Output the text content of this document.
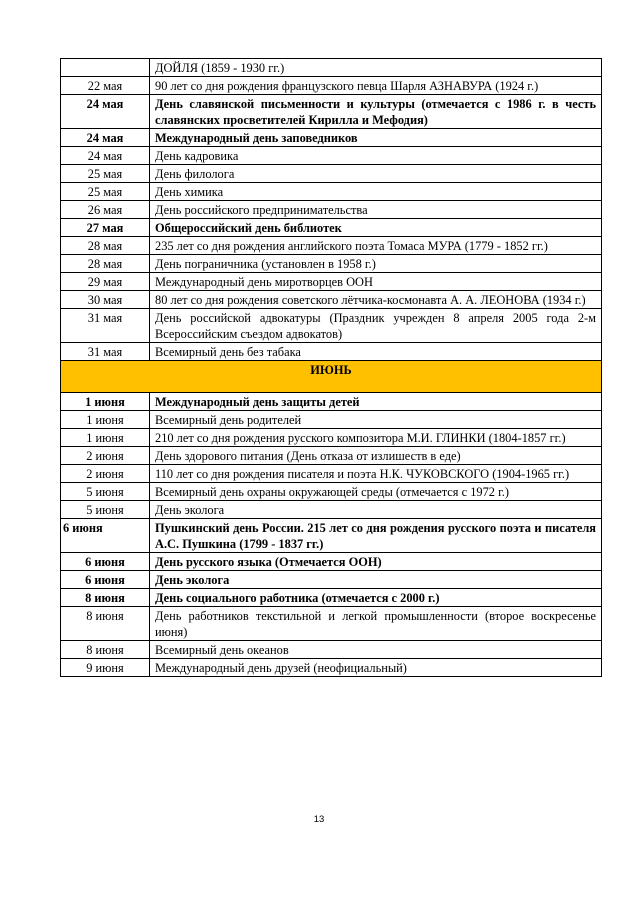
	ДОЙЛЯ (1859 - 1930 гг.)
22 мая	90 лет со дня рождения французского певца Шарля АЗНАВУРА (1924 г.)
24 мая	День славянской письменности и культуры (отмечается с 1986 г. в честь славянских просветителей Кирилла и Мефодия)
24 мая	Международный день заповедников
24 мая	День кадровика
25 мая	День филолога
25 мая	День химика
26 мая	День российского предпринимательства
27 мая	Общероссийский день библиотек
28 мая	235 лет со дня рождения английского поэта Томаса МУРА (1779 - 1852 гг.)
28 мая	День пограничника (установлен в 1958 г.)
29 мая	Международный день миротворцев ООН
30 мая	80 лет со дня рождения советского лётчика-космонавта А. А. ЛЕОНОВА (1934 г.)
31 мая	День российской адвокатуры (Праздник учрежден 8 апреля 2005 года 2-м Всероссийским съездом адвокатов)
31 мая	Всемирный день без табака
ИЮНЬ	
1 июня	Международный день защиты детей
1 июня	Всемирный день родителей
1 июня	210 лет со дня рождения русского композитора М.И. ГЛИНКИ (1804-1857 гг.)
2 июня	День здорового питания (День отказа от излишеств в еде)
2 июня	110 лет со дня рождения писателя и поэта Н.К. ЧУКОВСКОГО (1904-1965 гг.)
5 июня	Всемирный день охраны окружающей среды (отмечается с 1972 г.)
5 июня	День эколога
6 июня	Пушкинский день России. 215 лет со дня рождения русского поэта и писателя А.С. Пушкина (1799 - 1837 гг.)
6 июня	День русского языка (Отмечается ООН)
6 июня	День эколога
8 июня	День социального работника (отмечается с 2000 г.)
8 июня	День работников текстильной и легкой промышленности (второе воскресенье июня)
8 июня	Всемирный день океанов
9 июня	Международный день друзей (неофициальный)
13
